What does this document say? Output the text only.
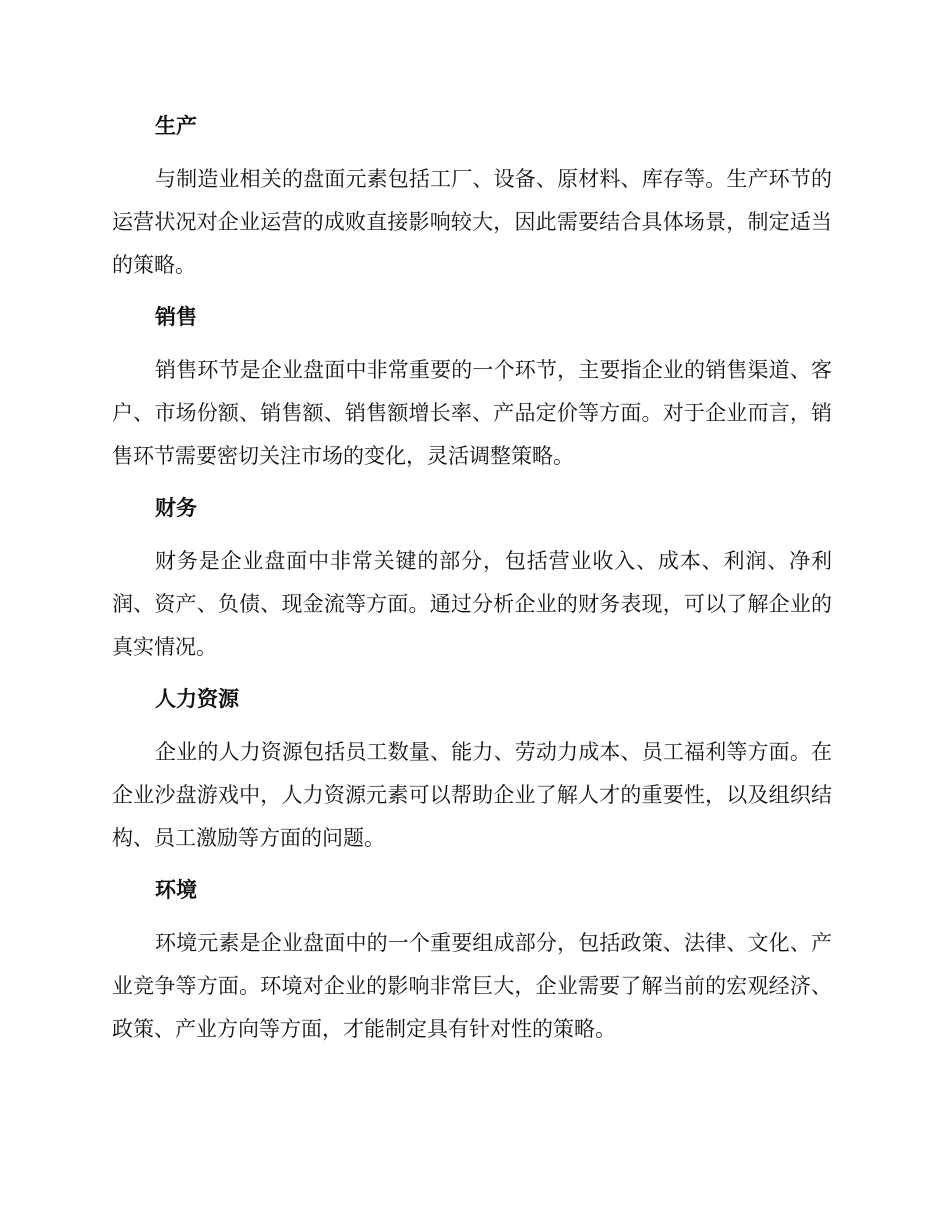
生产
与制造业相关的盘面元素包括工厂、设备、原材料、库存等。生产环节的运营状况对企业运营的成败直接影响较大，因此需要结合具体场景，制定适当的策略。
销售
销售环节是企业盘面中非常重要的一个环节，主要指企业的销售渠道、客户、市场份额、销售额、销售额增长率、产品定价等方面。对于企业而言，销售环节需要密切关注市场的变化，灵活调整策略。
财务
财务是企业盘面中非常关键的部分，包括营业收入、成本、利润、净利润、资产、负债、现金流等方面。通过分析企业的财务表现，可以了解企业的真实情况。
人力资源
企业的人力资源包括员工数量、能力、劳动力成本、员工福利等方面。在企业沙盘游戏中，人力资源元素可以帮助企业了解人才的重要性，以及组织结构、员工激励等方面的问题。
环境
环境元素是企业盘面中的一个重要组成部分，包括政策、法律、文化、产业竞争等方面。环境对企业的影响非常巨大，企业需要了解当前的宏观经济、政策、产业方向等方面，才能制定具有针对性的策略。
